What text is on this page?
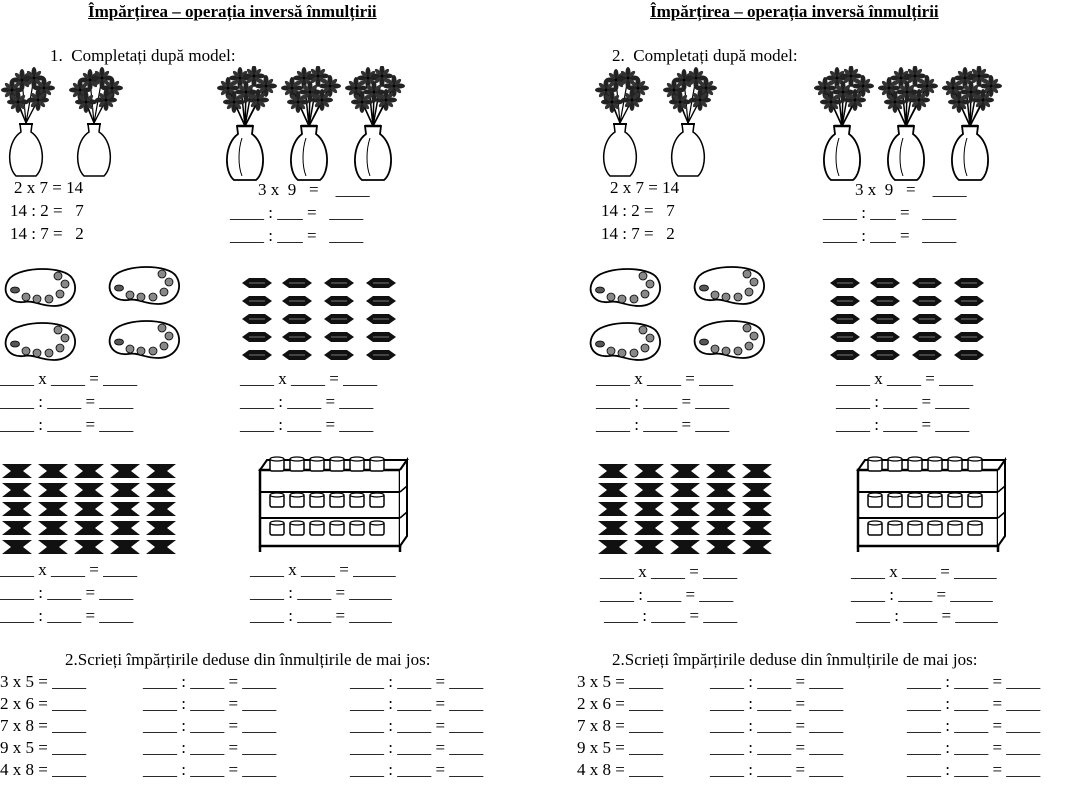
Împărțirea – operația inversă înmulțirii
1.  Completați după model:
2 x 7 = 14
14 : 2 =   7
14 : 7 =   2
3 x  9   =    ____
____ : ___ =   ____
____ : ___ =   ____
____ x ____ = ____
____ : ____ = ____
____ : ____ = ____
____ x ____ = ____
____ : ____ = ____
____ : ____ = ____
____ x ____ = ____
____ : ____ = ____
____ : ____ = ____
____ x ____ = _____
____ : ____ = _____
____ : ____ = _____
2.Scrieți împărțirile deduse din înmulțirile de mai jos:
3 x 5 = ____
2 x 6 = ____
7 x 8 = ____
9 x 5 = ____
4 x 8 = ____
____ : ____ = ____
____ : ____ = ____
____ : ____ = ____
____ : ____ = ____
____ : ____ = ____
____ : ____ = ____
____ : ____ = ____
____ : ____ = ____
____ : ____ = ____
____ : ____ = ____
Împărțirea – operația inversă înmulțirii
2.  Completați după model:
2 x 7 = 14
14 : 2 =   7
14 : 7 =   2
3 x  9   =    ____
____ : ___ =   ____
____ : ___ =   ____
____ x ____ = ____
____ : ____ = ____
____ : ____ = ____
____ x ____ = ____
____ : ____ = ____
____ : ____ = ____
____ x ____ = ____
____ : ____ = ____
____ : ____ = ____
____ x ____ = _____
____ : ____ = _____
____ : ____ = _____
2.Scrieți împărțirile deduse din înmulțirile de mai jos:
3 x 5 = ____
2 x 6 = ____
7 x 8 = ____
9 x 5 = ____
4 x 8 = ____
____ : ____ = ____
____ : ____ = ____
____ : ____ = ____
____ : ____ = ____
____ : ____ = ____
____ : ____ = ____
____ : ____ = ____
____ : ____ = ____
____ : ____ = ____
____ : ____ = ____
